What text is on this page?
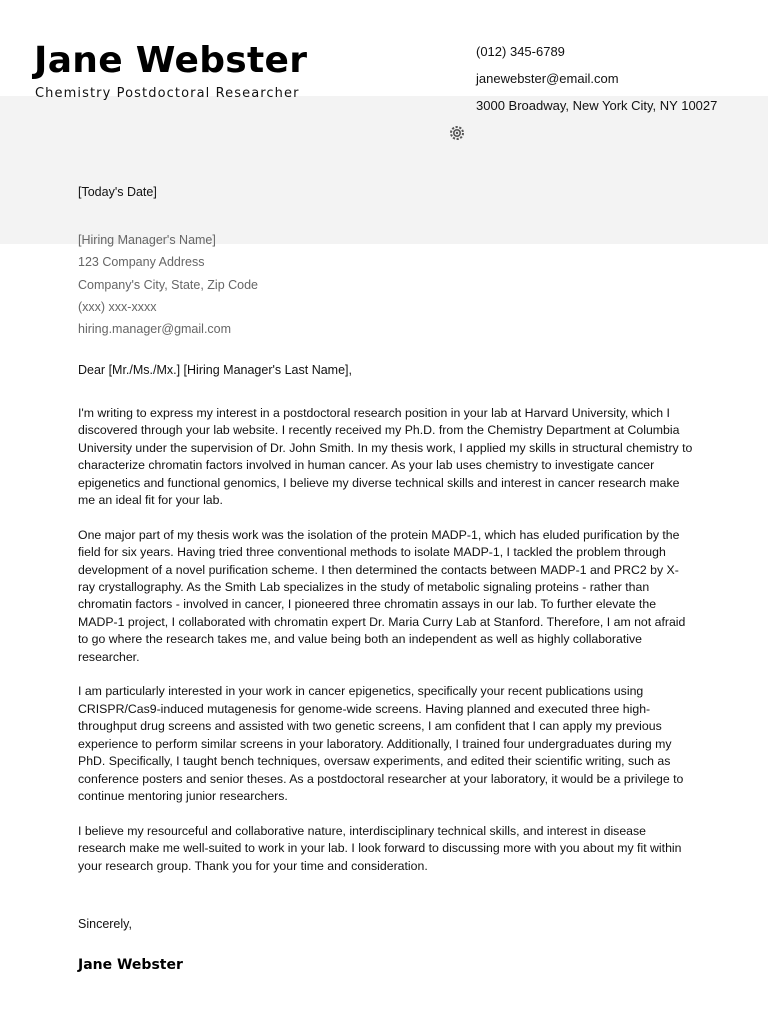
Jane Webster
Chemistry Postdoctoral Researcher
(012) 345-6789
janewebster@email.com
3000 Broadway, New York City, NY 10027
[Today's Date]
[Hiring Manager's Name]
123 Company Address
Company's City, State, Zip Code
(xxx) xxx-xxxx
hiring.manager@gmail.com
Dear [Mr./Ms./Mx.] [Hiring Manager's Last Name],

I'm writing to express my interest in a postdoctoral research position in your lab at Harvard University, which I discovered through your lab website. I recently received my Ph.D. from the Chemistry Department at Columbia University under the supervision of Dr. John Smith. In my thesis work, I applied my skills in structural chemistry to characterize chromatin factors involved in human cancer. As your lab uses chemistry to investigate cancer epigenetics and functional genomics, I believe my diverse technical skills and interest in cancer research make me an ideal fit for your lab.

One major part of my thesis work was the isolation of the protein MADP-1, which has eluded purification by the field for six years. Having tried three conventional methods to isolate MADP-1, I tackled the problem through development of a novel purification scheme. I then determined the contacts between MADP-1 and PRC2 by X-ray crystallography. As the Smith Lab specializes in the study of metabolic signaling proteins - rather than chromatin factors - involved in cancer, I pioneered three chromatin assays in our lab. To further elevate the MADP-1 project, I collaborated with chromatin expert Dr. Maria Curry Lab at Stanford. Therefore, I am not afraid to go where the research takes me, and value being both an independent as well as highly collaborative researcher.

I am particularly interested in your work in cancer epigenetics, specifically your recent publications using CRISPR/Cas9-induced mutagenesis for genome-wide screens. Having planned and executed three high-throughput drug screens and assisted with two genetic screens, I am confident that I can apply my previous experience to perform similar screens in your laboratory. Additionally, I trained four undergraduates during my PhD. Specifically, I taught bench techniques, oversaw experiments, and edited their scientific writing, such as conference posters and senior theses. As a postdoctoral researcher at your laboratory, it would be a privilege to continue mentoring junior researchers.

I believe my resourceful and collaborative nature, interdisciplinary technical skills, and interest in disease research make me well-suited to work in your lab. I look forward to discussing more with you about my fit within your research group. Thank you for your time and consideration.

Sincerely,
Jane Webster
